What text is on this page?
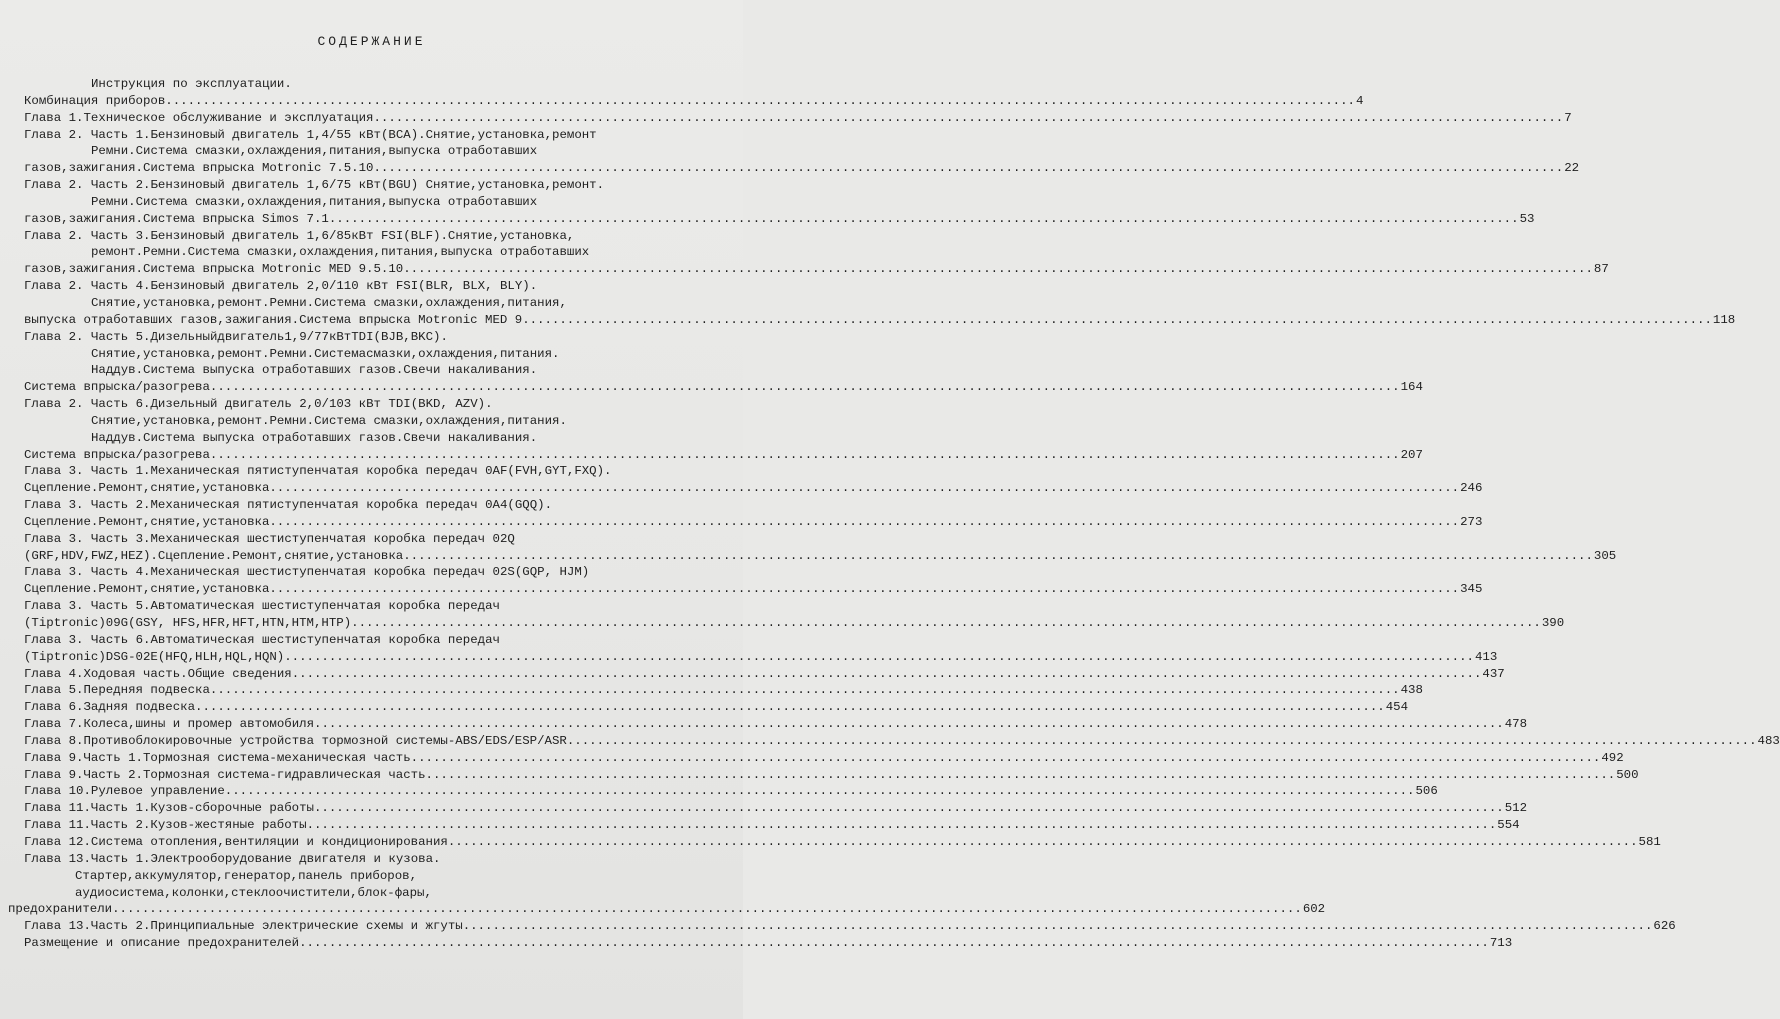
СОДЕРЖАНИЕ
Инструкция по эксплуатации.
Комбинация приборов .....	4
Глава 1. Техническое обслуживание и эксплуатация .....	7
Глава 2. Часть 1.Бензиновый двигатель 1,4/55 кВт(ВСА).Снятие,установка,ремонт
Ремни.Система смазки,охлаждения,питания,выпуска отработавших
газов,зажигания.Система впрыска Motronic 7.5.10 .....	22
Глава 2. Часть 2.Бензиновый двигатель 1,6/75 кВт(BGU) Снятие,установка,ремонт.
Ремни.Система смазки,охлаждения,питания,выпуска отработавших
газов,зажигания.Система впрыска Simos 7.1 .....	53
Глава 2. Часть 3.Бензиновый двигатель 1,6/85кВт FSI(BLF).Снятие,установка,
ремонт.Ремни.Система смазки,охлаждения,питания,выпуска отработавших
газов,зажигания.Система впрыска Motronic MED 9.5.10 .....	87
Глава 2. Часть 4.Бензиновый двигатель 2,0/110 кВт FSI(BLR, BLX, BLY).
Снятие,установка,ремонт.Ремни.Система смазки,охлаждения,питания,
выпуска отработавших газов,зажигания.Система впрыска Motronic MED 9 .....	118
Глава 2. Часть 5.Дизельныйдвигатель1,9/77кВтTDI(BJB,BKC).
Снятие,установка,ремонт.Ремни.Системасмазки,охлаждения,питания.
Наддув.Система выпуска отработавших газов.Свечи накаливания.
Система впрыска/разогрева .....	164
Глава 2. Часть 6.Дизельный двигатель 2,0/103 кВт TDI(BKD, AZV).
Снятие,установка,ремонт.Ремни.Система смазки,охлаждения,питания.
Наддув.Система выпуска отработавших газов.Свечи накаливания.
Система впрыска/разогрева .....	207
Глава 3. Часть 1.Механическая пятиступенчатая коробка передач 0AF(FVH,GYT,FXQ).
Сцепление.Ремонт,снятие,установка .....	246
Глава 3. Часть 2.Механическая пятиступенчатая коробка передач 0A4(GQQ).
Сцепление.Ремонт,снятие,установка .....	273
Глава 3. Часть 3.Механическая шестиступенчатая коробка передач 02Q
(GRF,HDV,FWZ,HEZ).Сцепление.Ремонт,снятие,установка .....	305
Глава 3. Часть 4.Механическая шестиступенчатая коробка передач 02S(GQP, HJM)
Сцепление.Ремонт,снятие,установка .....	345
Глава 3. Часть 5.Автоматическая шестиступенчатая коробка передач
(Tiptronic)09G(GSY, HFS,HFR,HFT,HTN,HTM,HTP) .....	390
Глава 3. Часть 6.Автоматическая шестиступенчатая коробка передач
(Tiptronic)DSG-02E(HFQ,HLH,HQL,HQN) .....	413
Глава 4. Ходовая часть.Общие сведения .....	437
Глава 5. Передняя подвеска .....	438
Глава 6. Задняя подвеска .....	454
Глава 7. Колеса,шины и промер автомобиля .....	478
Глава 8. Противоблокировочные устройства тормозной системы-ABS/EDS/ESP/ASR .....	483
Глава 9. Часть 1.Тормозная система-механическая часть .....	492
Глава 9. Часть 2.Тормозная система-гидравлическая часть .....	500
Глава 10. Рулевое управление .....	506
Глава 11. Часть 1.Кузов-сборочные работы .....	512
Глава 11. Часть 2.Кузов-жестяные работы .....	554
Глава 12. Система отопления,вентиляции и кондиционирования .....	581
Глава 13. Часть 1.Электрооборудование двигателя и кузова.
Стартер,аккумулятор,генератор,панель приборов,
аудиосистема,колонки,стеклоочистители,блок-фары,
предохранители .....	602
Глава 13. Часть 2.Принципиальные электрические схемы и жгуты .....	626
Размещение и описание предохранителей .....	713
